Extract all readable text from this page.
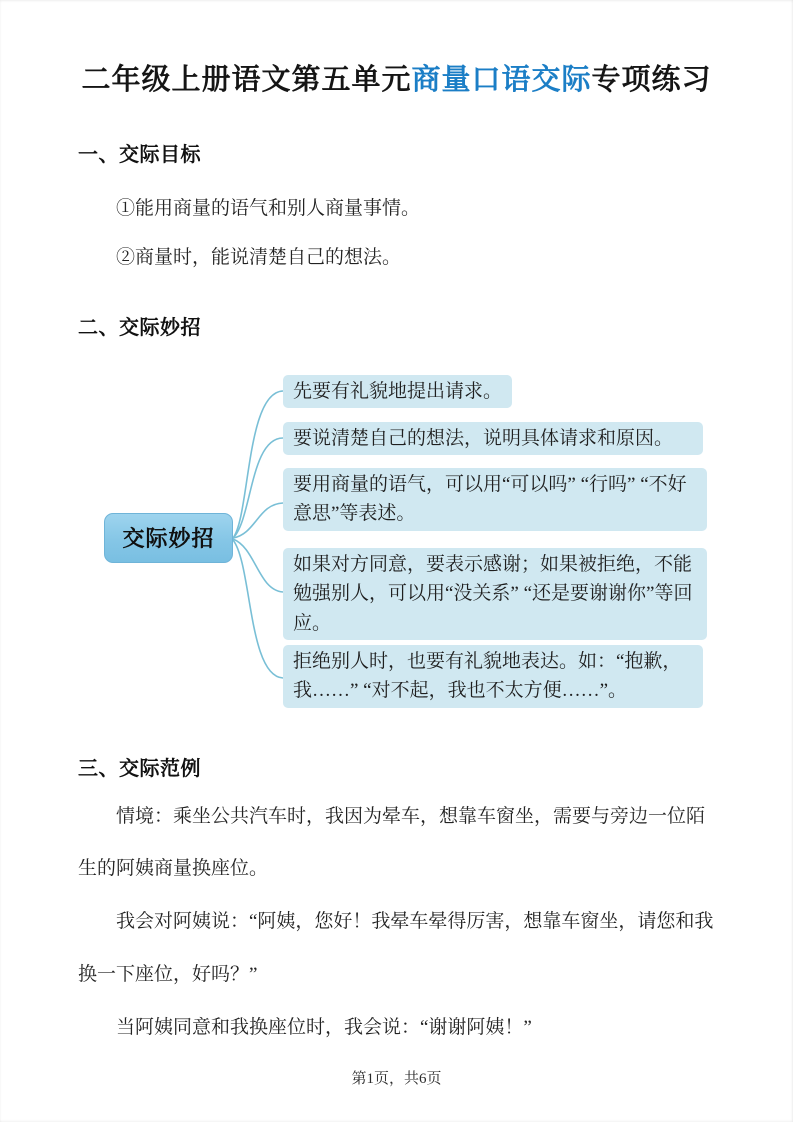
二年级上册语文第五单元商量口语交际专项练习
一、交际目标

①能用商量的语气和别人商量事情。

②商量时，能说清楚自己的想法。

二、交际妙招
交际妙招
先要有礼貌地提出请求。
要说清楚自己的想法，说明具体请求和原因。
要用商量的语气，可以用“可以吗” “行吗” “不好意思”等表述。
如果对方同意，要表示感谢；如果被拒绝，不能勉强别人，可以用“没关系” “还是要谢谢你”等回应。
拒绝别人时，也要有礼貌地表达。如：“抱歉，我……” “对不起，我也不太方便……”。
三、交际范例

情境：乘坐公共汽车时，我因为晕车，想靠车窗坐，需要与旁边一位陌生的阿姨商量换座位。

我会对阿姨说：“阿姨，您好！我晕车晕得厉害，想靠车窗坐，请您和我换一下座位，好吗？”

当阿姨同意和我换座位时，我会说：“谢谢阿姨！”

第1页，共6页
